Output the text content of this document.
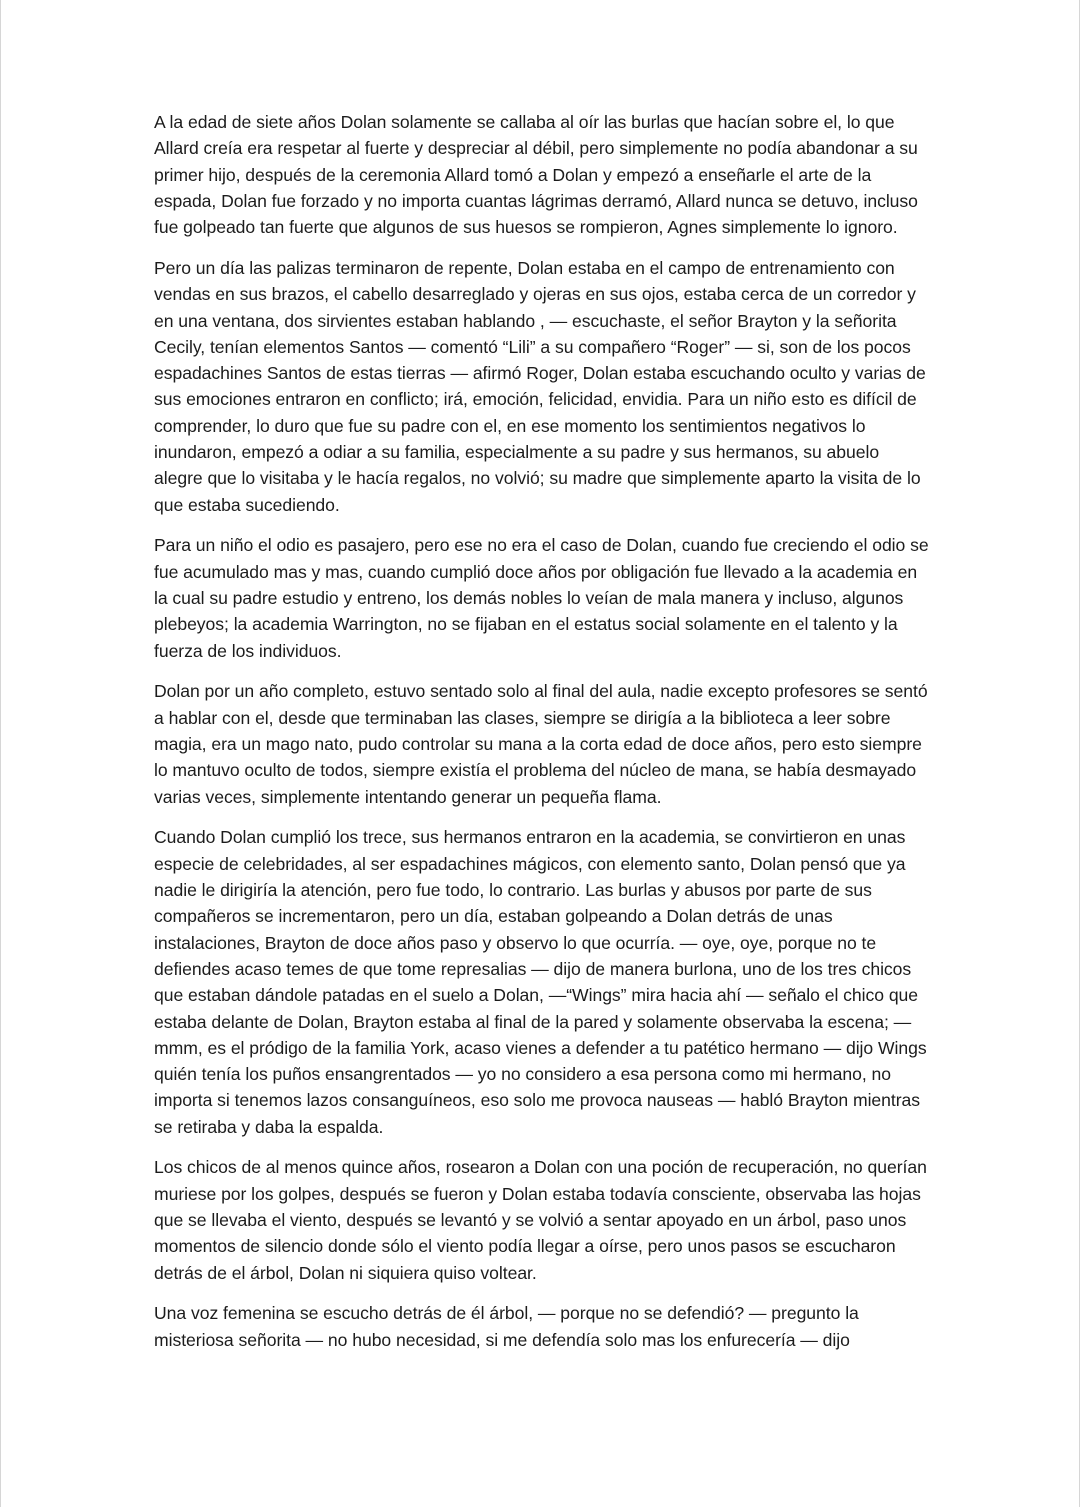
A la edad de siete años Dolan solamente se callaba al oír las burlas que hacían sobre el, lo que Allard creía era respetar al fuerte y despreciar al débil, pero simplemente no podía abandonar a su primer hijo, después de la ceremonia Allard tomó a Dolan y empezó a enseñarle el arte de la espada, Dolan fue forzado y no importa cuantas lágrimas derramó, Allard nunca se detuvo, incluso fue golpeado tan fuerte que algunos de sus huesos se rompieron, Agnes simplemente lo ignoro.

Pero un día las palizas terminaron de repente, Dolan estaba en el campo de entrenamiento con vendas en sus brazos, el cabello desarreglado y ojeras en sus ojos, estaba cerca de un corredor y en una ventana, dos sirvientes estaban hablando , — escuchaste, el señor Brayton y la señorita Cecily, tenían elementos Santos — comentó “Lili” a su compañero “Roger” — si, son de los pocos espadachines Santos de estas tierras — afirmó Roger, Dolan estaba escuchando oculto y varias de sus emociones entraron en conflicto; irá, emoción, felicidad, envidia. Para un niño esto es difícil de comprender, lo duro que fue su padre con el, en ese momento los sentimientos negativos lo inundaron, empezó a odiar a su familia, especialmente a su padre y sus hermanos, su abuelo alegre que lo visitaba y le hacía regalos, no volvió; su madre que simplemente aparto la visita de lo que estaba sucediendo.

Para un niño el odio es pasajero, pero ese no era el caso de Dolan, cuando fue creciendo el odio se fue acumulado mas y mas, cuando cumplió doce años por obligación fue llevado a la academia en la cual su padre estudio y entreno, los demás nobles lo veían de mala manera y incluso, algunos plebeyos; la academia Warrington, no se fijaban en el estatus social solamente en el talento y la fuerza de los individuos.

Dolan por un año completo, estuvo sentado solo al final del aula, nadie excepto profesores se sentó a hablar con el, desde que terminaban las clases, siempre se dirigía a la biblioteca a leer sobre magia, era un mago nato, pudo controlar su mana a la corta edad de doce años, pero esto siempre lo mantuvo oculto de todos, siempre existía el problema del núcleo de mana, se había desmayado varias veces, simplemente intentando generar un pequeña flama.

Cuando Dolan cumplió los trece, sus hermanos entraron en la academia, se convirtieron en unas especie de celebridades, al ser espadachines mágicos, con elemento santo, Dolan pensó que ya nadie le dirigiría la atención, pero fue todo, lo contrario. Las burlas y abusos por parte de sus compañeros se incrementaron, pero un día, estaban golpeando a Dolan detrás de unas instalaciones, Brayton de doce años paso y observo lo que ocurría. — oye, oye, porque no te defiendes acaso temes de que tome represalias — dijo de manera burlona, uno de los tres chicos que estaban dándole patadas en el suelo a Dolan, —“Wings” mira hacia ahí — señalo el chico que estaba delante de Dolan, Brayton estaba al final de la pared y solamente observaba la escena; — mmm, es el pródigo de la familia York, acaso vienes a defender a tu patético hermano — dijo Wings quién tenía los puños ensangrentados — yo no considero a esa persona como mi hermano, no importa si tenemos lazos consanguíneos, eso solo me provoca nauseas — habló Brayton mientras se retiraba y daba la espalda.

Los chicos de al menos quince años, rosearon a Dolan con una poción de recuperación, no querían muriese por los golpes, después se fueron y Dolan estaba todavía consciente, observaba las hojas que se llevaba el viento, después se levantó y se volvió a sentar apoyado en un árbol, paso unos momentos de silencio donde sólo el viento podía llegar a oírse, pero unos pasos se escucharon detrás de el árbol, Dolan ni siquiera quiso voltear.

Una voz femenina se escucho detrás de él árbol, — porque no se defendió? — pregunto la misteriosa señorita — no hubo necesidad, si me defendía solo mas los enfurecería — dijo
